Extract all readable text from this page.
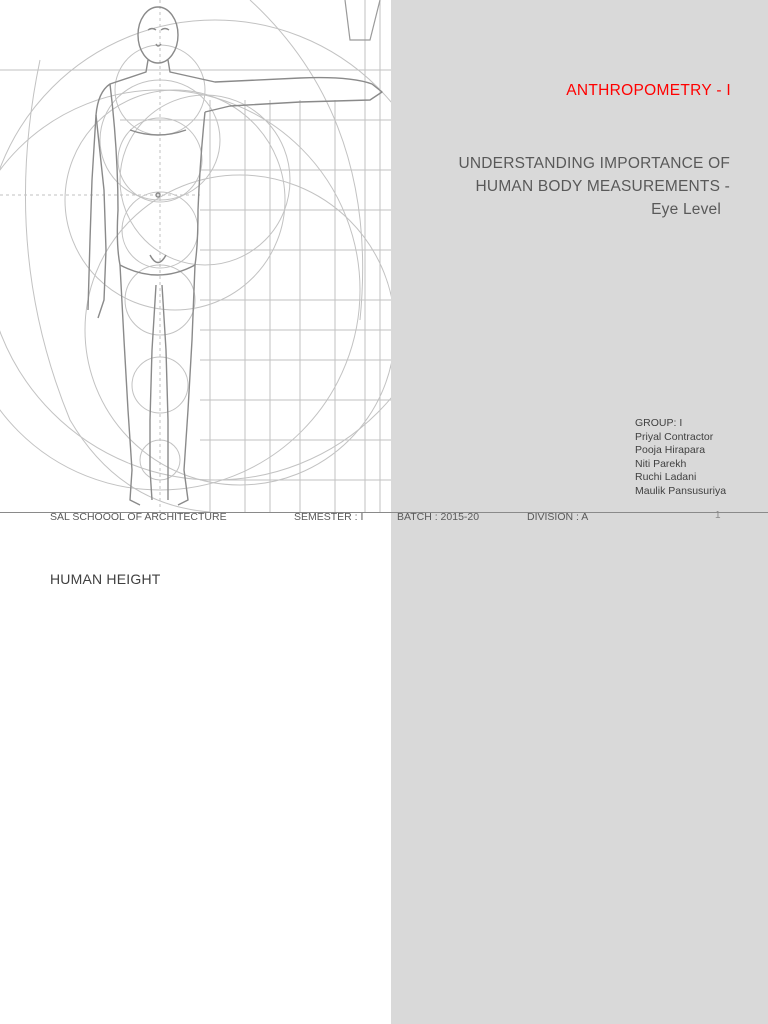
ANTHROPOMETRY - I
UNDERSTANDING IMPORTANCE OF
HUMAN BODY MEASUREMENTS -
Eye Level
GROUP: I
Priyal Contractor
Pooja Hirapara
Niti Parekh
Ruchi Ladani
Maulik Pansusuriya
SAL SCHOOOL OF ARCHITECTURE	SEMESTER : I	BATCH : 2015-20	DIVISION : A	1
HUMAN HEIGHT
